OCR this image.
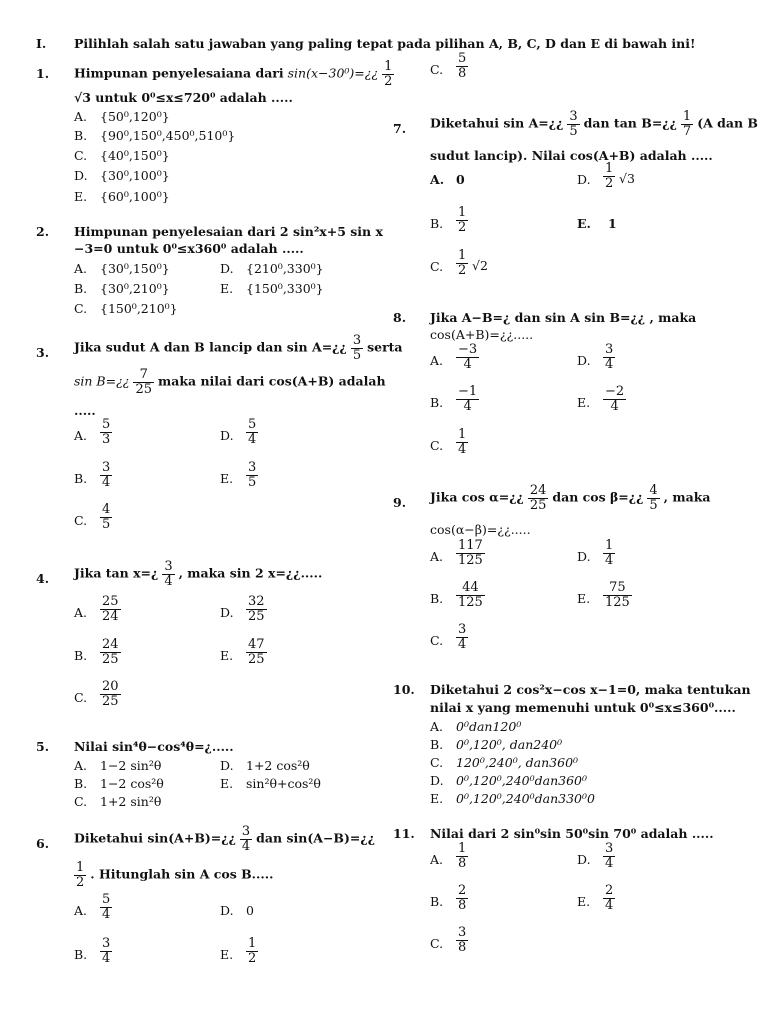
I. Pilihlah salah satu jawaban yang paling tepat pada pilihan A, B, C, D dan E di bawah ini!
1. Himpunan penyelesaiana dari sin(x−30⁰)=¿¿ $\frac{1}{2}$
√3 untuk 0⁰≤x≤720⁰ adalah .....
A. {50⁰,120⁰}
B. {90⁰,150⁰,450⁰,510⁰}
C. {40⁰,150⁰}
D. {30⁰,100⁰}
E. {60⁰,100⁰}
2. Himpunan penyelesaian dari 2 sin²x+5 sin x
−3=0 untuk 0⁰≤x360⁰ adalah .....
A. {30⁰,150⁰}
B. {30⁰,210⁰}
C. {150⁰,210⁰}
D. {210⁰,330⁰}
E. {150⁰,330⁰}
3. Jika sudut A dan B lancip dan sin A=¿¿ $\frac{3}{5}$ serta
sin B=¿¿ $\frac{7}{25}$ maka nilai dari cos(A+B) adalah
.....
A. $\frac{5}{3}$
B. $\frac{3}{4}$
C. $\frac{4}{5}$
D. $\frac{5}{4}$
E. $\frac{3}{5}$
4. Jika tan x=¿ $\frac{3}{4}$ , maka sin 2 x=¿¿.....
A. $\frac{25}{24}$
B. $\frac{24}{25}$
C. $\frac{20}{25}$
D. $\frac{32}{25}$
E. $\frac{47}{25}$
5. Nilai sin⁴θ−cos⁴θ=¿.....
A. 1−2 sin²θ
B. 1−2 cos²θ
C. 1+2 sin²θ
D. 1+2 cos²θ
E. sin²θ+cos²θ
6. Diketahui sin(A+B)=¿¿ $\frac{3}{4}$ dan sin(A−B)=¿¿
$\frac{1}{2}$ . Hitunglah sin A cos B.....
A. $\frac{5}{4}$
B. $\frac{3}{4}$
D. 0
E. $\frac{1}{2}$
C. $\frac{5}{8}$
7. Diketahui sin A=¿¿ $\frac{3}{5}$ dan tan B=¿¿ $\frac{1}{7} (A$ dan B
sudut lancip). Nilai cos(A+B) adalah .....
A. 0
B. $\frac{1}{2}$
C. $\frac{1}{2} √2$
D. $\frac{1}{2} √3$
E. 1
8. Jika A−B=¿ dan sin A sin B=¿¿ , maka
cos(A+B)=¿¿.....
A. $\frac{-3}{4}$
B. $\frac{-1}{4}$
C. $\frac{1}{4}$
D. $\frac{3}{4}$
E. $\frac{-2}{4}$
9. Jika cos α=¿¿ $\frac{24}{25}$ dan cos β=¿¿ $\frac{4}{5}$ , maka
cos(α−β)=¿¿.....
A. $\frac{117}{125}$
B. $\frac{44}{125}$
C. $\frac{3}{4}$
D. $\frac{1}{4}$
E. $\frac{75}{125}$
10. Diketahui 2 cos²x−cos x−1=0, maka tentukan
nilai x yang memenuhi untuk 0⁰≤x≤360⁰.....
A. 0⁰dan120⁰
B. 0⁰,120⁰, dan240⁰
C. 120⁰,240⁰, dan360⁰
D. 0⁰,120⁰,240⁰dan360⁰
E. 0⁰,120⁰,240⁰dan330⁰0
11. Nilai dari 2 sin⁰sin 50⁰sin 70⁰ adalah .....
A. $\frac{1}{8}$
B. $\frac{2}{8}$
C. $\frac{3}{8}$
D. $\frac{3}{4}$
E. $\frac{2}{4}$
